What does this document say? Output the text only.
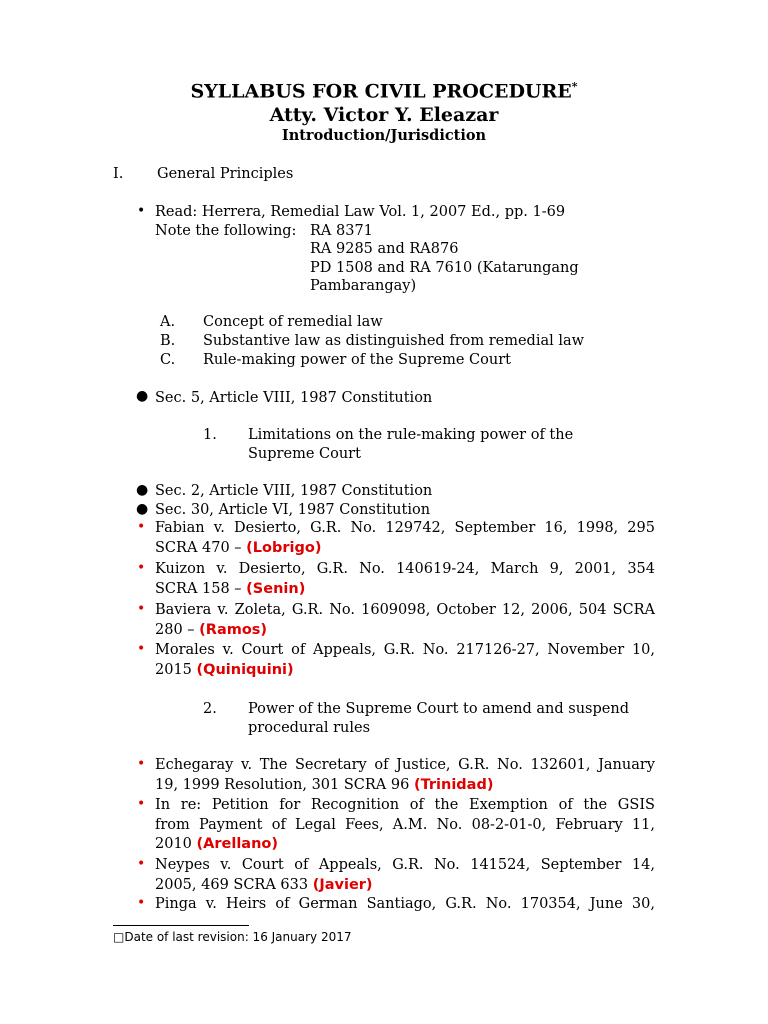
SYLLABUS FOR CIVIL PROCEDURE*
Atty. Victor Y. Eleazar
Introduction/Jurisdiction
I. General Principles
• Read: Herrera, Remedial Law Vol. 1, 2007 Ed., pp. 1-69
Note the following: RA 8371
RA 9285 and RA876
PD 1508 and RA 7610 (Katarungang
Pambarangay)
A. Concept of remedial law
B. Substantive law as distinguished from remedial law
C. Rule-making power of the Supreme Court
● Sec. 5, Article VIII, 1987 Constitution
1. Limitations on the rule-making power of the
Supreme Court
● Sec. 2, Article VIII, 1987 Constitution
● Sec. 30, Article VI, 1987 Constitution
• Fabian v. Desierto, G.R. No. 129742, September 16, 1998, 295
SCRA 470 – (Lobrigo)
• Kuizon v. Desierto, G.R. No. 140619-24, March 9, 2001, 354
SCRA 158 – (Senin)
• Baviera v. Zoleta, G.R. No. 1609098, October 12, 2006, 504 SCRA
280 – (Ramos)
• Morales v. Court of Appeals, G.R. No. 217126-27, November 10,
2015 (Quiniquini)
2. Power of the Supreme Court to amend and suspend
procedural rules
• Echegaray v. The Secretary of Justice, G.R. No. 132601, January
19, 1999 Resolution, 301 SCRA 96 (Trinidad)
• In re: Petition for Recognition of the Exemption of the GSIS
from Payment of Legal Fees, A.M. No. 08-2-01-0, February 11,
2010 (Arellano)
• Neypes v. Court of Appeals, G.R. No. 141524, September 14,
2005, 469 SCRA 633 (Javier)
• Pinga v. Heirs of German Santiago, G.R. No. 170354, June 30,
□Date of last revision: 16 January 2017
